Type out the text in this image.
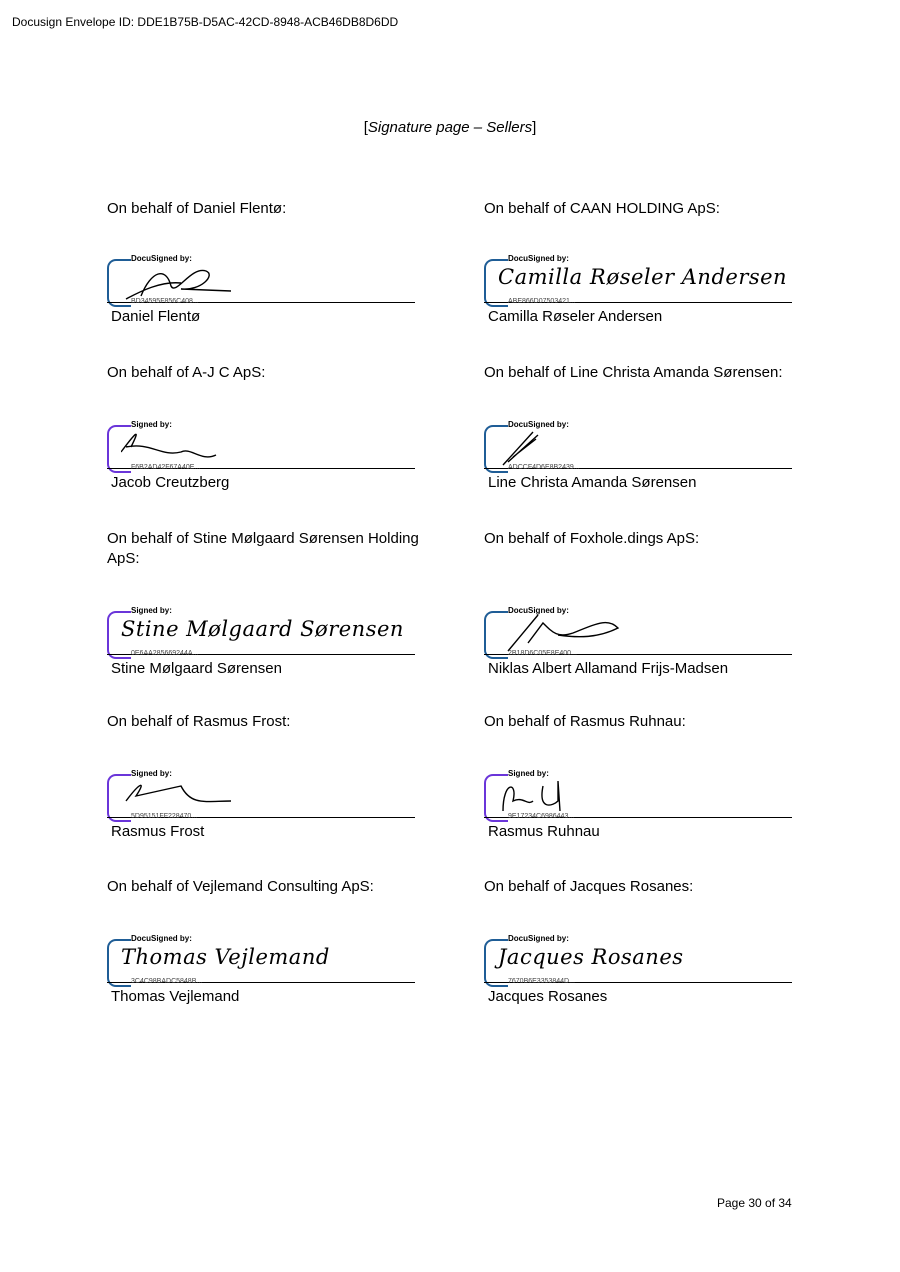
Docusign Envelope ID: DDE1B75B-D5AC-42CD-8948-ACB46DB8D6DD
[Signature page – Sellers]
On behalf of Daniel Flentø:
DocuSigned by:
BD34595F856C408...
Daniel Flentø
On behalf of CAAN HOLDING ApS:
DocuSigned by:
Camilla Røseler Andersen
ABE866D07503421...
Camilla Røseler Andersen
On behalf of A-J C ApS:
Signed by:
F6B2AD42F67A40E...
Jacob Creutzberg
On behalf of Line Christa Amanda Sørensen:
DocuSigned by:
ADCCF4D6E8B2439...
Line Christa Amanda Sørensen
On behalf of Stine Mølgaard Sørensen Holding ApS:
Signed by:
Stine Mølgaard Sørensen
0E6AA285669244A...
Stine Mølgaard Sørensen
On behalf of Foxhole.dings ApS:
DocuSigned by:
2B18D6C05E8E400...
Niklas Albert Allamand Frijs-Madsen
On behalf of Rasmus Frost:
Signed by:
5D95151FF228470...
Rasmus Frost
On behalf of Rasmus Ruhnau:
Signed by:
9E17234C6986443...
Rasmus Ruhnau
On behalf of Vejlemand Consulting ApS:
DocuSigned by:
Thomas Vejlemand
3C4C98BADC5848B...
Thomas Vejlemand
On behalf of Jacques Rosanes:
DocuSigned by:
Jacques Rosanes
7670B6E3353844D...
Jacques Rosanes
Page 30 of 34
